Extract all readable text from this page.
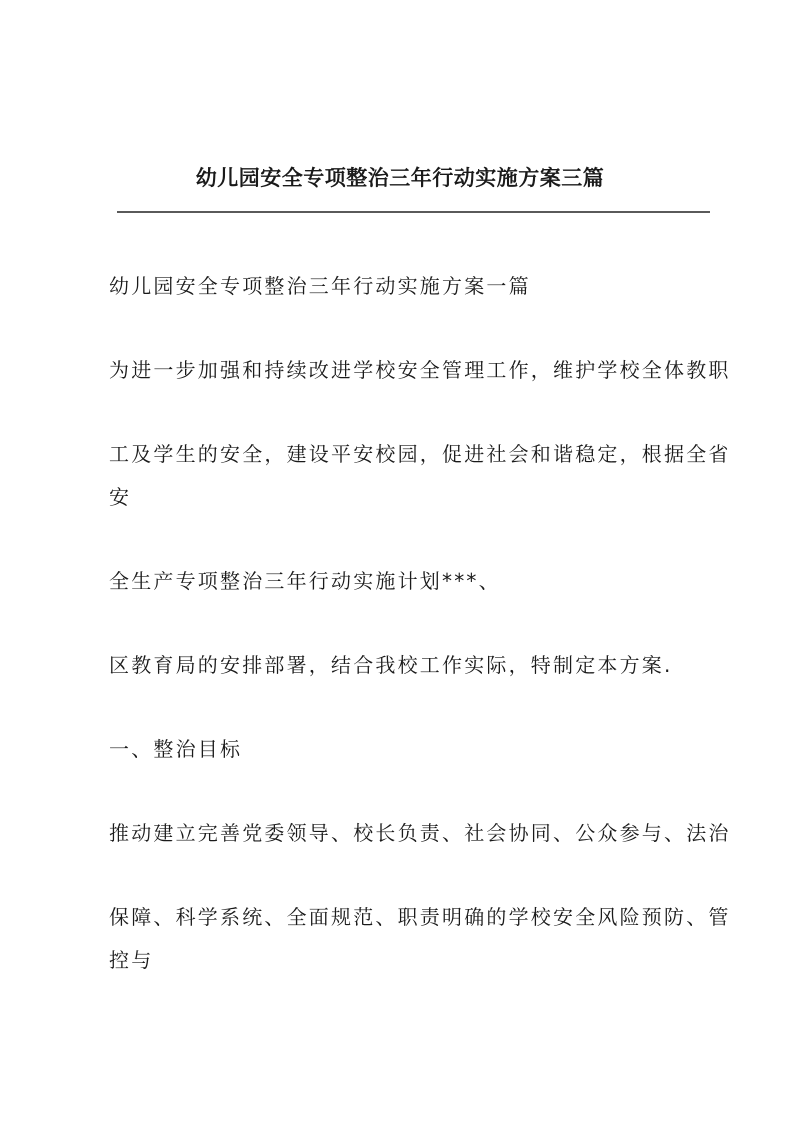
幼儿园安全专项整治三年行动实施方案三篇

幼儿园安全专项整治三年行动实施方案一篇

为进一步加强和持续改进学校安全管理工作，维护学校全体教职

工及学生的安全，建设平安校园，促进社会和谐稳定，根据全省

安

全生产专项整治三年行动实施计划***、

区教育局的安排部署，结合我校工作实际，特制定本方案.

一、整治目标

推动建立完善党委领导、校长负责、社会协同、公众参与、法治

保障、科学系统、全面规范、职责明确的学校安全风险预防、管

控与
